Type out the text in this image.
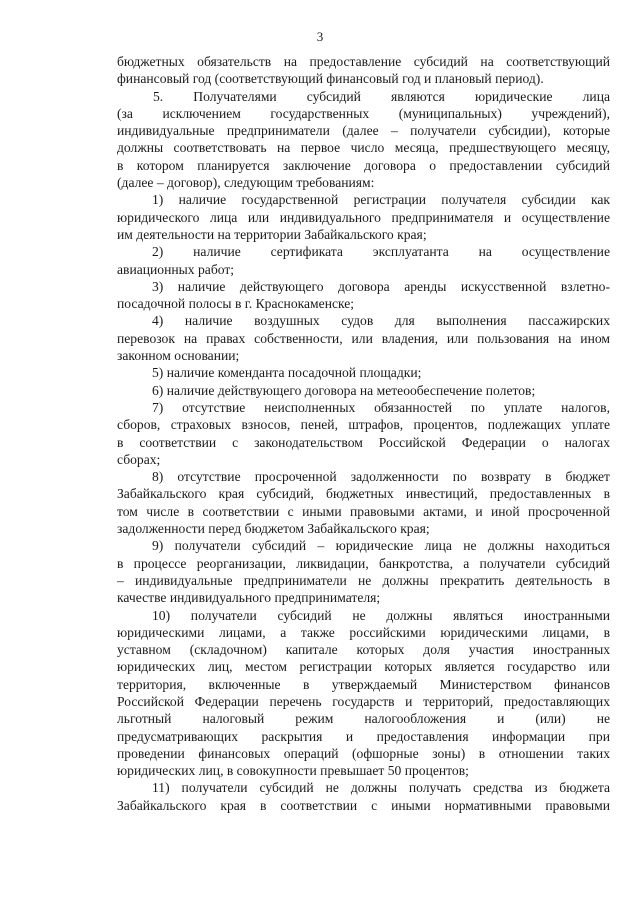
3
бюджетных обязательств на предоставление субсидий на соответствующий
финансовый год (соответствующий финансовый год и плановый период).
5. Получателями субсидий являются юридические лица
(за исключением государственных (муниципальных) учреждений),
индивидуальные предприниматели (далее – получатели субсидии), которые
должны соответствовать на первое число месяца, предшествующего месяцу,
в котором планируется заключение договора о предоставлении субсидий
(далее – договор), следующим требованиям:
1) наличие государственной регистрации получателя субсидии как
юридического лица или индивидуального предпринимателя и осуществление
им деятельности на территории Забайкальского края;
2) наличие сертификата эксплуатанта на осуществление
авиационных работ;
3) наличие действующего договора аренды искусственной взлетно-
посадочной полосы в г. Краснокаменске;
4) наличие воздушных судов для выполнения пассажирских
перевозок на правах собственности, или владения, или пользования на ином
законном основании;
5) наличие коменданта посадочной площадки;
6) наличие действующего договора на метеообеспечение полетов;
7) отсутствие неисполненных обязанностей по уплате налогов,
сборов, страховых взносов, пеней, штрафов, процентов, подлежащих уплате
в соответствии с законодательством Российской Федерации о налогах
сборах;
8) отсутствие просроченной задолженности по возврату в бюджет
Забайкальского края субсидий, бюджетных инвестиций, предоставленных в
том числе в соответствии с иными правовыми актами, и иной просроченной
задолженности перед бюджетом Забайкальского края;
9) получатели субсидий – юридические лица не должны находиться
в процессе реорганизации, ликвидации, банкротства, а получатели субсидий
– индивидуальные предприниматели не должны прекратить деятельность в
качестве индивидуального предпринимателя;
10) получатели субсидий не должны являться иностранными
юридическими лицами, а также российскими юридическими лицами, в
уставном (складочном) капитале которых доля участия иностранных
юридических лиц, местом регистрации которых является государство или
территория, включенные в утверждаемый Министерством финансов
Российской Федерации перечень государств и территорий, предоставляющих
льготный налоговый режим налогообложения и (или) не
предусматривающих раскрытия и предоставления информации при
проведении финансовых операций (офшорные зоны) в отношении таких
юридических лиц, в совокупности превышает 50 процентов;
11) получатели субсидий не должны получать средства из бюджета
Забайкальского края в соответствии с иными нормативными правовыми
